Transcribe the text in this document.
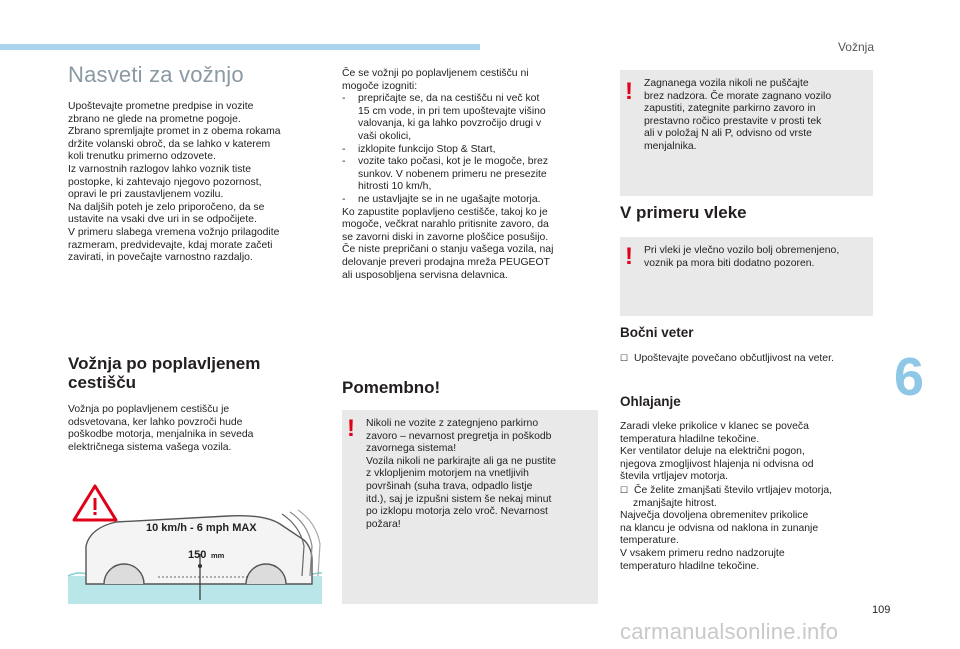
Vožnja
Nasveti za vožnjo
Upoštevajte prometne predpise in vozite
zbrano ne glede na prometne pogoje.
Zbrano spremljajte promet in z obema rokama
držite volanski obroč, da se lahko v katerem
koli trenutku primerno odzovete.
Iz varnostnih razlogov lahko voznik tiste
postopke, ki zahtevajo njegovo pozornost,
opravi le pri zaustavljenem vozilu.
Na daljših poteh je zelo priporočeno, da se
ustavite na vsaki dve uri in se odpočijete.
V primeru slabega vremena vožnjo prilagodite
razmeram, predvidevajte, kdaj morate začeti
zavirati, in povečajte varnostno razdaljo.
Vožnja po poplavljenem
cestišču
Vožnja po poplavljenem cestišču je
odsvetovana, ker lahko povzroči hude
poškodbe motorja, menjalnika in seveda
električnega sistema vašega vozila.
10 km/h - 6 mph MAX
150 mm
Če se vožnji po poplavljenem cestišču ni
mogoče izogniti:
- prepričajte se, da na cestišču ni več kot
15 cm vode, in pri tem upoštevajte višino
valovanja, ki ga lahko povzročijo drugi v
vaši okolici,
- izklopite funkcijo Stop & Start,
- vozite tako počasi, kot je le mogoče, brez
sunkov. V nobenem primeru ne presezite
hitrosti 10 km/h,
- ne ustavljajte se in ne ugašajte motorja.
Ko zapustite poplavljeno cestišče, takoj ko je
mogoče, večkrat narahlo pritisnite zavoro, da
se zavorni diski in zavorne ploščice posušijo.
Če niste prepričani o stanju vašega vozila, naj
delovanje preveri prodajna mreža PEUGEOT
ali usposobljena servisna delavnica.
Pomembno!
! Nikoli ne vozite z zategnjeno parkirno
zavoro – nevarnost pregretja in poškodb
zavornega sistema!
Vozila nikoli ne parkirajte ali ga ne pustite
z vklopljenim motorjem na vnetljivih
površinah (suha trava, odpadlo listje
itd.), saj je izpušni sistem še nekaj minut
po izklopu motorja zelo vroč. Nevarnost
požara!
! Zagnanega vozila nikoli ne puščajte
brez nadzora. Če morate zagnano vozilo
zapustiti, zategnite parkirno zavoro in
prestavno ročico prestavite v prosti tek
ali v položaj N ali P, odvisno od vrste
menjalnika.
V primeru vleke
! Pri vleki je vlečno vozilo bolj obremenjeno,
voznik pa mora biti dodatno pozoren.
Bočni veter
☐ Upoštevajte povečano občutljivost na veter.
Ohlajanje
Zaradi vleke prikolice v klanec se poveča
temperatura hladilne tekočine.
Ker ventilator deluje na električni pogon,
njegova zmogljivost hlajenja ni odvisna od
števila vrtljajev motorja.
☐ Če želite zmanjšati število vrtljajev motorja,
zmanjšajte hitrost.
Največja dovoljena obremenitev prikolice
na klancu je odvisna od naklona in zunanje
temperature.
V vsakem primeru redno nadzorujte
temperaturo hladilne tekočine.
6
109
carmanualsonline.info
